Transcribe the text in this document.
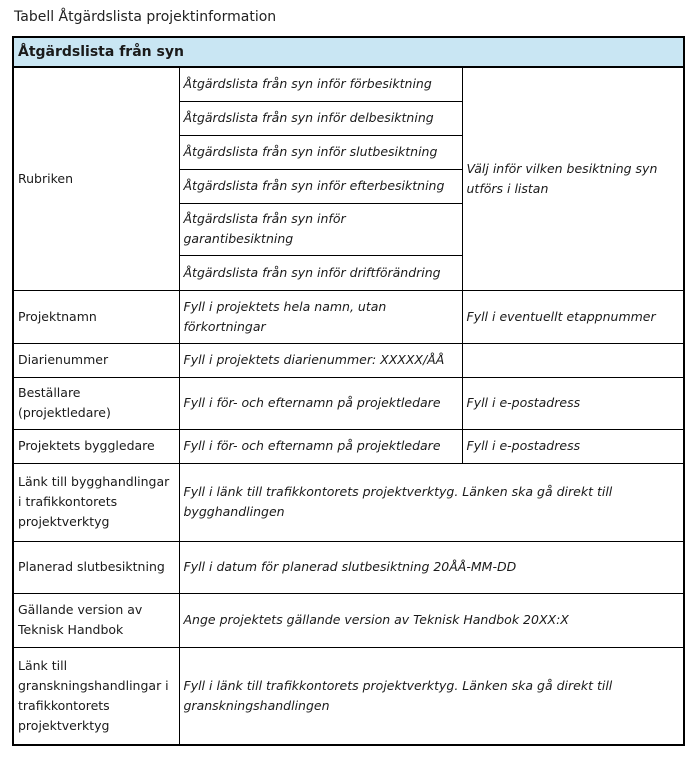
Tabell Åtgärdslista projektinformation
Åtgärdslista från syn		
Rubriken	Åtgärdslista från syn inför förbesiktning	Välj inför vilken besiktning syn utförs i listan
	Åtgärdslista från syn inför delbesiktning	
	Åtgärdslista från syn inför slutbesiktning	
	Åtgärdslista från syn inför efterbesiktning	
	Åtgärdslista från syn inför garantibesiktning	
	Åtgärdslista från syn inför driftförändring	
Projektnamn	Fyll i projektets hela namn, utan förkortningar	Fyll i eventuellt etappnummer
Diarienummer	Fyll i projektets diarienummer: XXXXX/ÅÅ	
Beställare (projektledare)	Fyll i för- och efternamn på projektledare	Fyll i e-postadress
Projektets byggledare	Fyll i för- och efternamn på projektledare	Fyll i e-postadress
Länk till bygghandlingar i trafikkontorets projektverktyg	Fyll i länk till trafikkontorets projektverktyg. Länken ska gå direkt till bygghandlingen	
Planerad slutbesiktning	Fyll i datum för planerad slutbesiktning 20ÅÅ-MM-DD	
Gällande version av Teknisk Handbok	Ange projektets gällande version av Teknisk Handbok 20XX:X	
Länk till granskningshandlingar i trafikkontorets projektverktyg	Fyll i länk till trafikkontorets projektverktyg. Länken ska gå direkt till granskningshandlingen	
